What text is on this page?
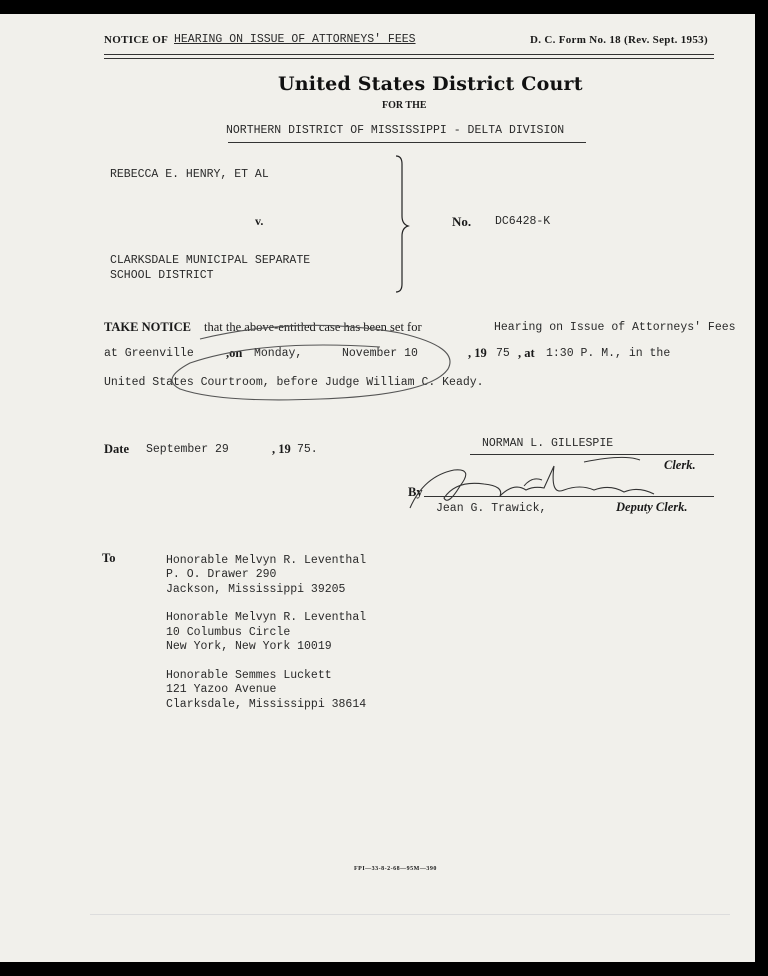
NOTICE OF HEARING ON ISSUE OF ATTORNEYS' FEES	D. C. Form No. 18 (Rev. Sept. 1953)
United States District Court
FOR THE
NORTHERN DISTRICT OF MISSISSIPPI - DELTA DIVISION
REBECCA E. HENRY, ET AL
v.
CLARKSDALE MUNICIPAL SEPARATE
SCHOOL DISTRICT
No. DC6428-K
TAKE NOTICE that the above-entitled case has been set for	Hearing on Issue of Attorneys' Fees
at Greenville	,on Monday,	November 10	, 19 75 , at 1:30 P. M., in the
United States Courtroom, before Judge William C. Keady.
Date September 29	, 19 75.	NORMAN L. GILLESPIE
Clerk.
By
Jean G. Trawick,	Deputy Clerk.
To	Honorable Melvyn R. Leventhal
P. O. Drawer 290
Jackson, Mississippi 39205
Honorable Melvyn R. Leventhal
10 Columbus Circle
New York, New York 10019
Honorable Semmes Luckett
121 Yazoo Avenue
Clarksdale, Mississippi 38614
FPI—33-8-2-68—95M—390
